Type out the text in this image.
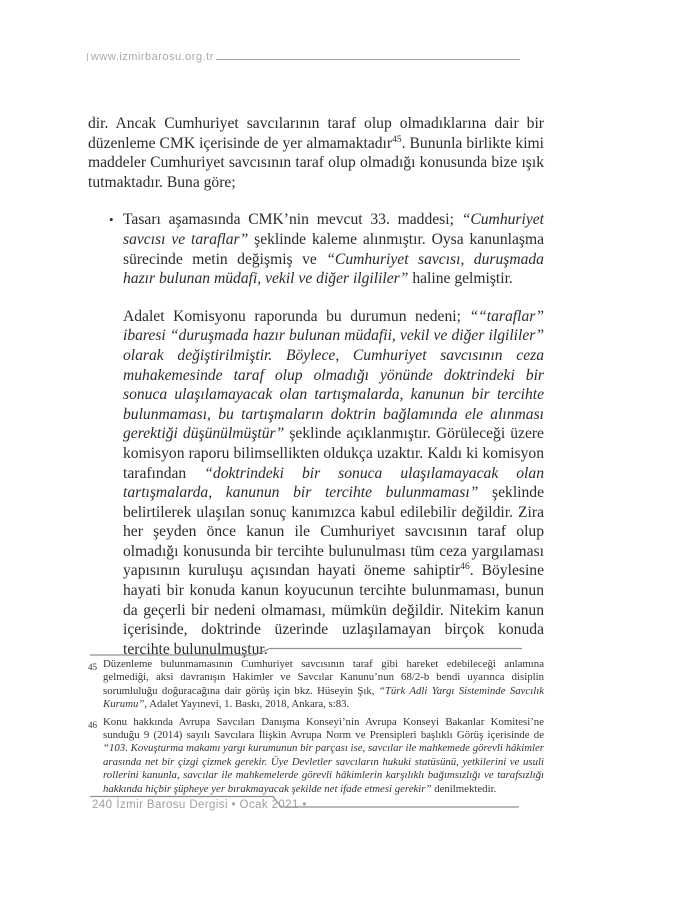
www.izmirbarosu.org.tr

dir. Ancak Cumhuriyet savcılarının taraf olup olmadıklarına dair bir düzenleme CMK içerisinde de yer almamaktadır$^{45}$. Bununla birlikte kimi maddeler Cumhuriyet savcısının taraf olup olmadığı konusunda bize ışık tutmaktadır. Buna göre;

• Tasarı aşamasında CMK’nin mevcut 33. maddesi; “Cumhuriyet savcısı ve taraflar” şeklinde kaleme alınmıştır. Oysa kanunlaşma sürecinde metin değişmiş ve “Cumhuriyet savcısı, duruşmada hazır bulunan müdafi, vekil ve diğer ilgililer” haline gelmiştir.

Adalet Komisyonu raporunda bu durumun nedeni; ““taraflar” ibaresi “duruşmada hazır bulunan müdafii, vekil ve diğer ilgililer” olarak değiştirilmiştir. Böylece, Cumhuriyet savcısının ceza muhakemesinde taraf olup olmadığı yönünde doktrindeki bir sonuca ulaşılamayacak olan tartışmalarda, kanunun bir tercihte bulunmaması, bu tartışmaların doktrin bağlamında ele alınması gerektiği düşünülmüştür” şeklinde açıklanmıştır. Görüleceği üzere komisyon raporu bilimsellikten oldukça uzaktır. Kaldı ki komisyon tarafından “doktrindeki bir sonuca ulaşılamayacak olan tartışmalarda, kanunun bir tercihte bulunmaması” şeklinde belirtilerek ulaşılan sonuç kanımızca kabul edilebilir değildir. Zira her şeyden önce kanun ile Cumhuriyet savcısının taraf olup olmadığı konusunda bir tercihte bulunulması tüm ceza yargılaması yapısının kuruluşu açısından hayati öneme sahiptir$^{46}$. Böylesine hayati bir konuda kanun koyucunun tercihte bulunmaması, bunun da geçerli bir nedeni olmaması, mümkün değildir. Nitekim kanun içerisinde, doktrinde üzerinde uzlaşılamayan birçok konuda tercihte bulunulmuştur.

45 Düzenleme bulunmamasının Cumhuriyet savcısının taraf gibi hareket edebileceği anlamına gelmediği, aksi davranışın Hakimler ve Savcılar Kanunu’nun 68/2-b bendi uyarınca disiplin sorumluluğu doğuracağına dair görüş için bkz. Hüseyin Şık, “Türk Adli Yargı Sisteminde Savcılık Kurumu”, Adalet Yayınevi, 1. Baskı, 2018, Ankara, s:83.
46 Konu hakkında Avrupa Savcıları Danışma Konseyi’nin Avrupa Konseyi Bakanlar Komitesi’ne sunduğu 9 (2014) sayılı Savcılara İlişkin Avrupa Norm ve Prensipleri başlıklı Görüş içerisinde de “103. Kovuşturma makamı yargı kurumunun bir parçası ise, savcılar ile mahkemede görevli hâkimler arasında net bir çizgi çizmek gerekir. Üye Devletler savcıların hukuki statüsünü, yetkilerini ve usuli rollerini kanunla, savcılar ile mahkemelerde görevli hâkimlerin karşılıklı bağımsızlığı ve tarafsızlığı hakkında hiçbir şüpheye yer bırakmayacak şekilde net ifade etmesi gerekir” denilmektedir.
240 İzmir Barosu Dergisi • Ocak 2021 •
